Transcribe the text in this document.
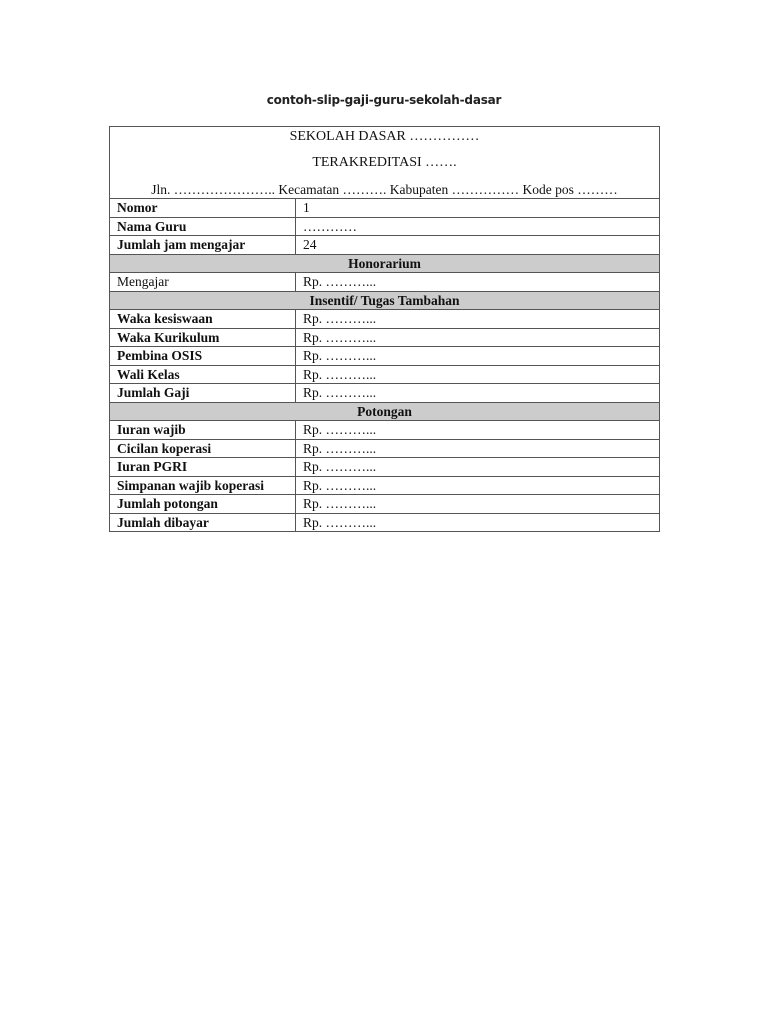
contoh-slip-gaji-guru-sekolah-dasar
SEKOLAH DASAR ……………
TERAKREDITASI …….
Jln. ………………….. Kecamatan ………. Kabupaten …………… Kode pos ………	

Nomor	1
Nama Guru	…………
Jumlah jam mengajar	24
Honorarium	
Mengajar	Rp. ………...
Insentif/ Tugas Tambahan	
Waka kesiswaan	Rp. ………...
Waka Kurikulum	Rp. ………...
Pembina OSIS	Rp. ………...
Wali Kelas	Rp. ………...
Jumlah Gaji	Rp. ………...
Potongan	
Iuran wajib	Rp. ………...
Cicilan koperasi	Rp. ………...
Iuran PGRI	Rp. ………...
Simpanan wajib koperasi	Rp. ………...
Jumlah potongan	Rp. ………...
Jumlah dibayar	Rp. ………...
